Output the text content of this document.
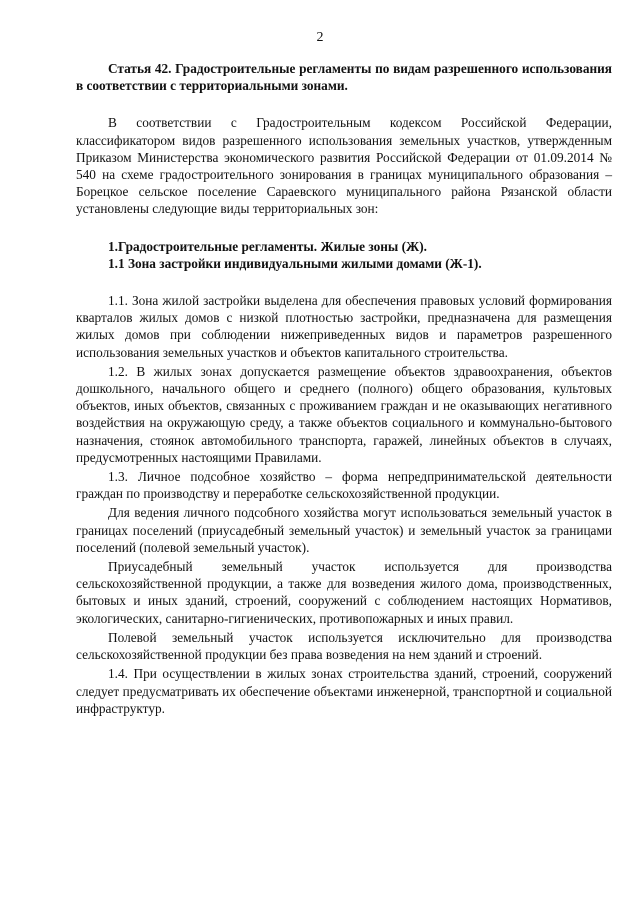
2

Статья 42. Градостроительные регламенты по видам разрешенного использования в соответствии с территориальными зонами.

В соответствии с Градостроительным кодексом Российской Федерации, классификатором видов разрешенного использования земельных участков, утвержденным Приказом Министерства экономического развития Российской Федерации от 01.09.2014 № 540 на схеме градостроительного зонирования в границах муниципального образования – Борецкое сельское поселение Сараевского муниципального района Рязанской области установлены следующие виды территориальных зон:

1.Градостроительные регламенты. Жилые зоны (Ж).

1.1 Зона застройки индивидуальными жилыми домами (Ж-1).

1.1. Зона жилой застройки выделена для обеспечения правовых условий формирования кварталов жилых домов с низкой плотностью застройки, предназначена для размещения жилых домов при соблюдении нижеприведенных видов и параметров разрешенного использования земельных участков и объектов капитального строительства.

1.2. В жилых зонах допускается размещение объектов здравоохранения, объектов дошкольного, начального общего и среднего (полного) общего образования, культовых объектов, иных объектов, связанных с проживанием граждан и не оказывающих негативного воздействия на окружающую среду, а также объектов социального и коммунально-бытового назначения, стоянок автомобильного транспорта, гаражей, линейных объектов в случаях, предусмотренных настоящими Правилами.

1.3. Личное подсобное хозяйство – форма непредпринимательской деятельности граждан по производству и переработке сельскохозяйственной продукции.

Для ведения личного подсобного хозяйства могут использоваться земельный участок в границах поселений (приусадебный земельный участок) и земельный участок за границами поселений (полевой земельный участок).

Приусадебный земельный участок используется для производства сельскохозяйственной продукции, а также для возведения жилого дома, производственных, бытовых и иных зданий, строений, сооружений с соблюдением настоящих Нормативов, экологических, санитарно-гигиенических, противопожарных и иных правил.

Полевой земельный участок используется исключительно для производства сельскохозяйственной продукции без права возведения на нем зданий и строений.

1.4. При осуществлении в жилых зонах строительства зданий, строений, сооружений следует предусматривать их обеспечение объектами инженерной, транспортной и социальной инфраструктур.
